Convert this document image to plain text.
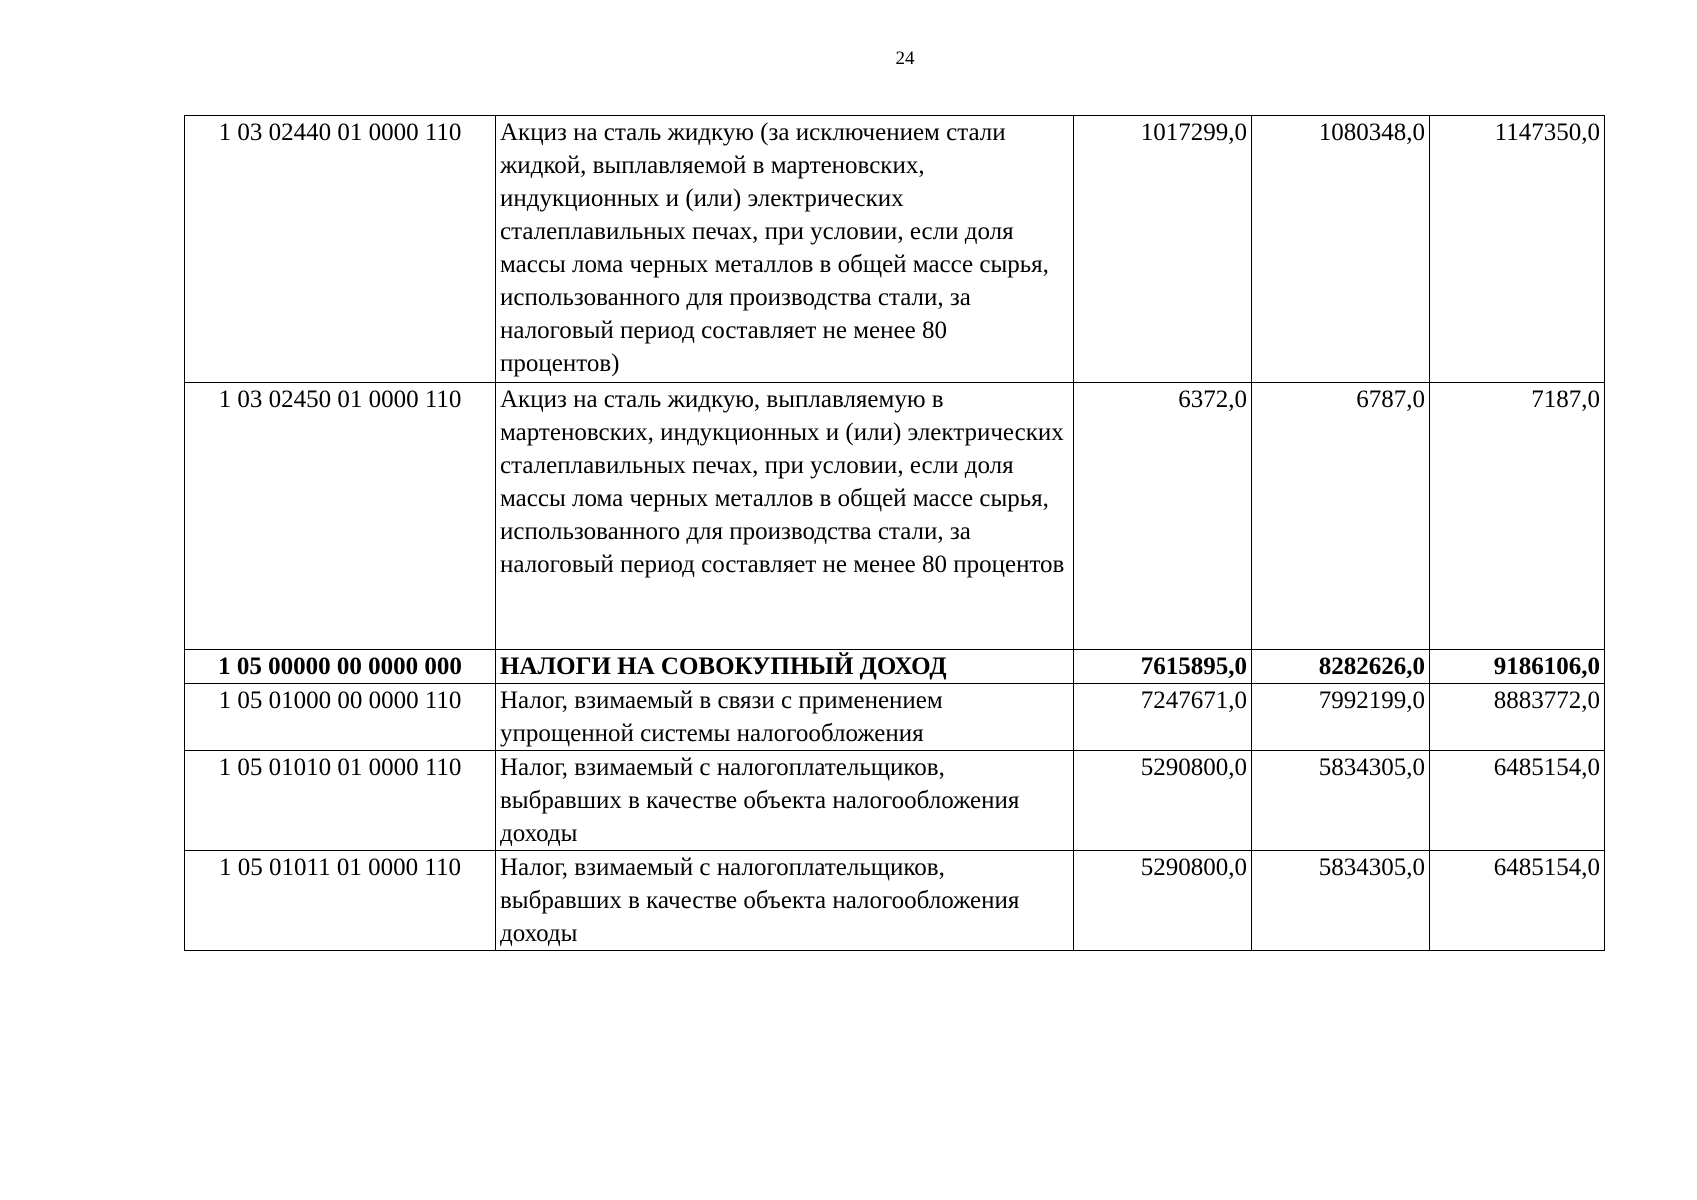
24
1 03 02440 01 0000 110	Акциз на сталь жидкую (за исключением стали жидкой, выплавляемой в мартеновских, индукционных и (или) электрических сталеплавильных печах, при условии, если доля массы лома черных металлов в общей массе сырья, использованного для производства стали, за налоговый период составляет не менее 80 процентов)	1017299,0	1080348,0	1147350,0
1 03 02450 01 0000 110	Акциз на сталь жидкую, выплавляемую в мартеновских, индукционных и (или) электрических сталеплавильных печах, при условии, если доля массы лома черных металлов в общей массе сырья, использованного для производства стали, за налоговый период составляет не менее 80 процентов	6372,0	6787,0	7187,0
1 05 00000 00 0000 000	НАЛОГИ НА СОВОКУПНЫЙ ДОХОД	7615895,0	8282626,0	9186106,0
1 05 01000 00 0000 110	Налог, взимаемый в связи с применением упрощенной системы налогообложения	7247671,0	7992199,0	8883772,0
1 05 01010 01 0000 110	Налог, взимаемый с налогоплательщиков, выбравших в качестве объекта налогообложения доходы	5290800,0	5834305,0	6485154,0
1 05 01011 01 0000 110	Налог, взимаемый с налогоплательщиков, выбравших в качестве объекта налогообложения доходы	5290800,0	5834305,0	6485154,0
